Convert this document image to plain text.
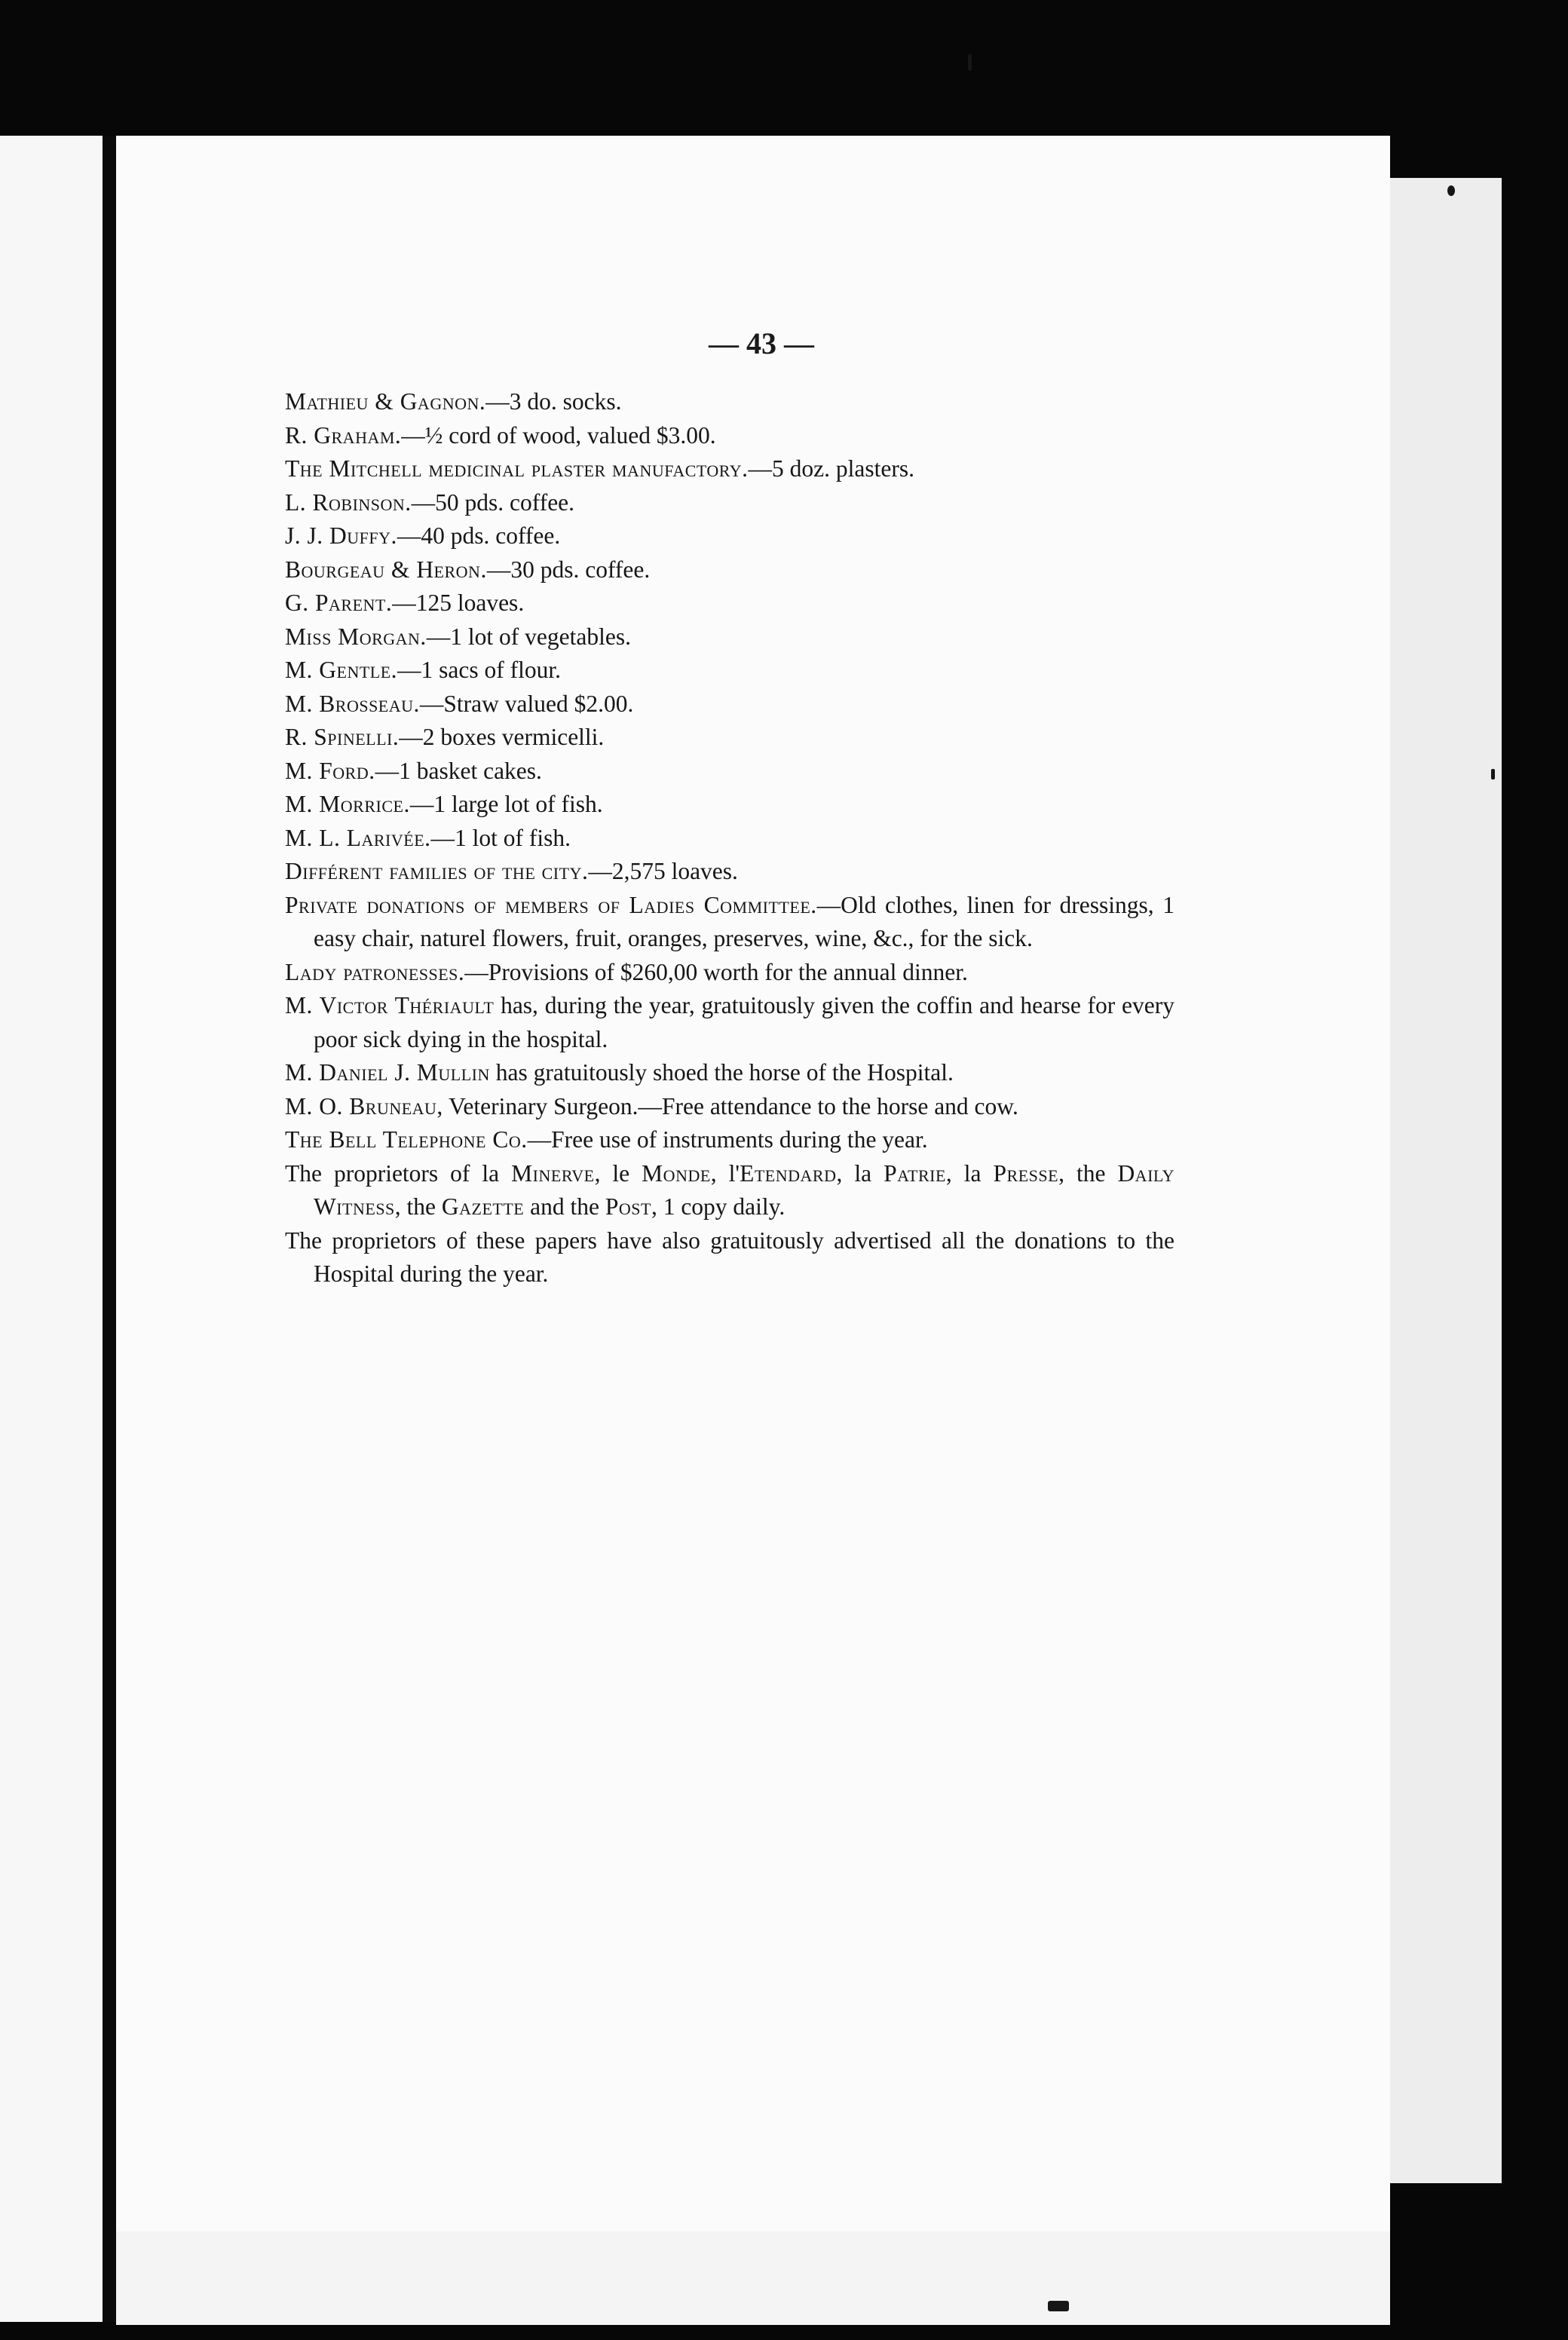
— 43 —

Mathieu & Gagnon.—3 do. socks.

R. Graham.—½ cord of wood, valued $3.00.

The Mitchell medicinal plaster manufactory.—5 doz. plasters.

L. Robinson.—50 pds. coffee.

J. J. Duffy.—40 pds. coffee.

Bourgeau & Heron.—30 pds. coffee.

G. Parent.—125 loaves.

Miss Morgan.—1 lot of vegetables.

M. Gentle.—1 sacs of flour.

M. Brosseau.—Straw valued $2.00.

R. Spinelli.—2 boxes vermicelli.

M. Ford.—1 basket cakes.

M. Morrice.—1 large lot of fish.

M. L. Larivée.—1 lot of fish.

Différent families of the city.—2,575 loaves.

Private donations of members of Ladies Committee.—Old clothes, linen for dressings, 1 easy chair, naturel flowers, fruit, oranges, preserves, wine, &c., for the sick.

Lady patronesses.—Provisions of $260,00 worth for the annual dinner.

M. Victor Thériault has, during the year, gratuitously given the coffin and hearse for every poor sick dying in the hospital.

M. Daniel J. Mullin has gratuitously shoed the horse of the Hospital.

M. O. Bruneau, Veterinary Surgeon.—Free attendance to the horse and cow.

The Bell Telephone Co.—Free use of instruments during the year.

The proprietors of la Minerve, le Monde, l'Etendard, la Patrie, la Presse, the Daily Witness, the Gazette and the Post, 1 copy daily.

The proprietors of these papers have also gratuitously advertised all the donations to the Hospital during the year.
